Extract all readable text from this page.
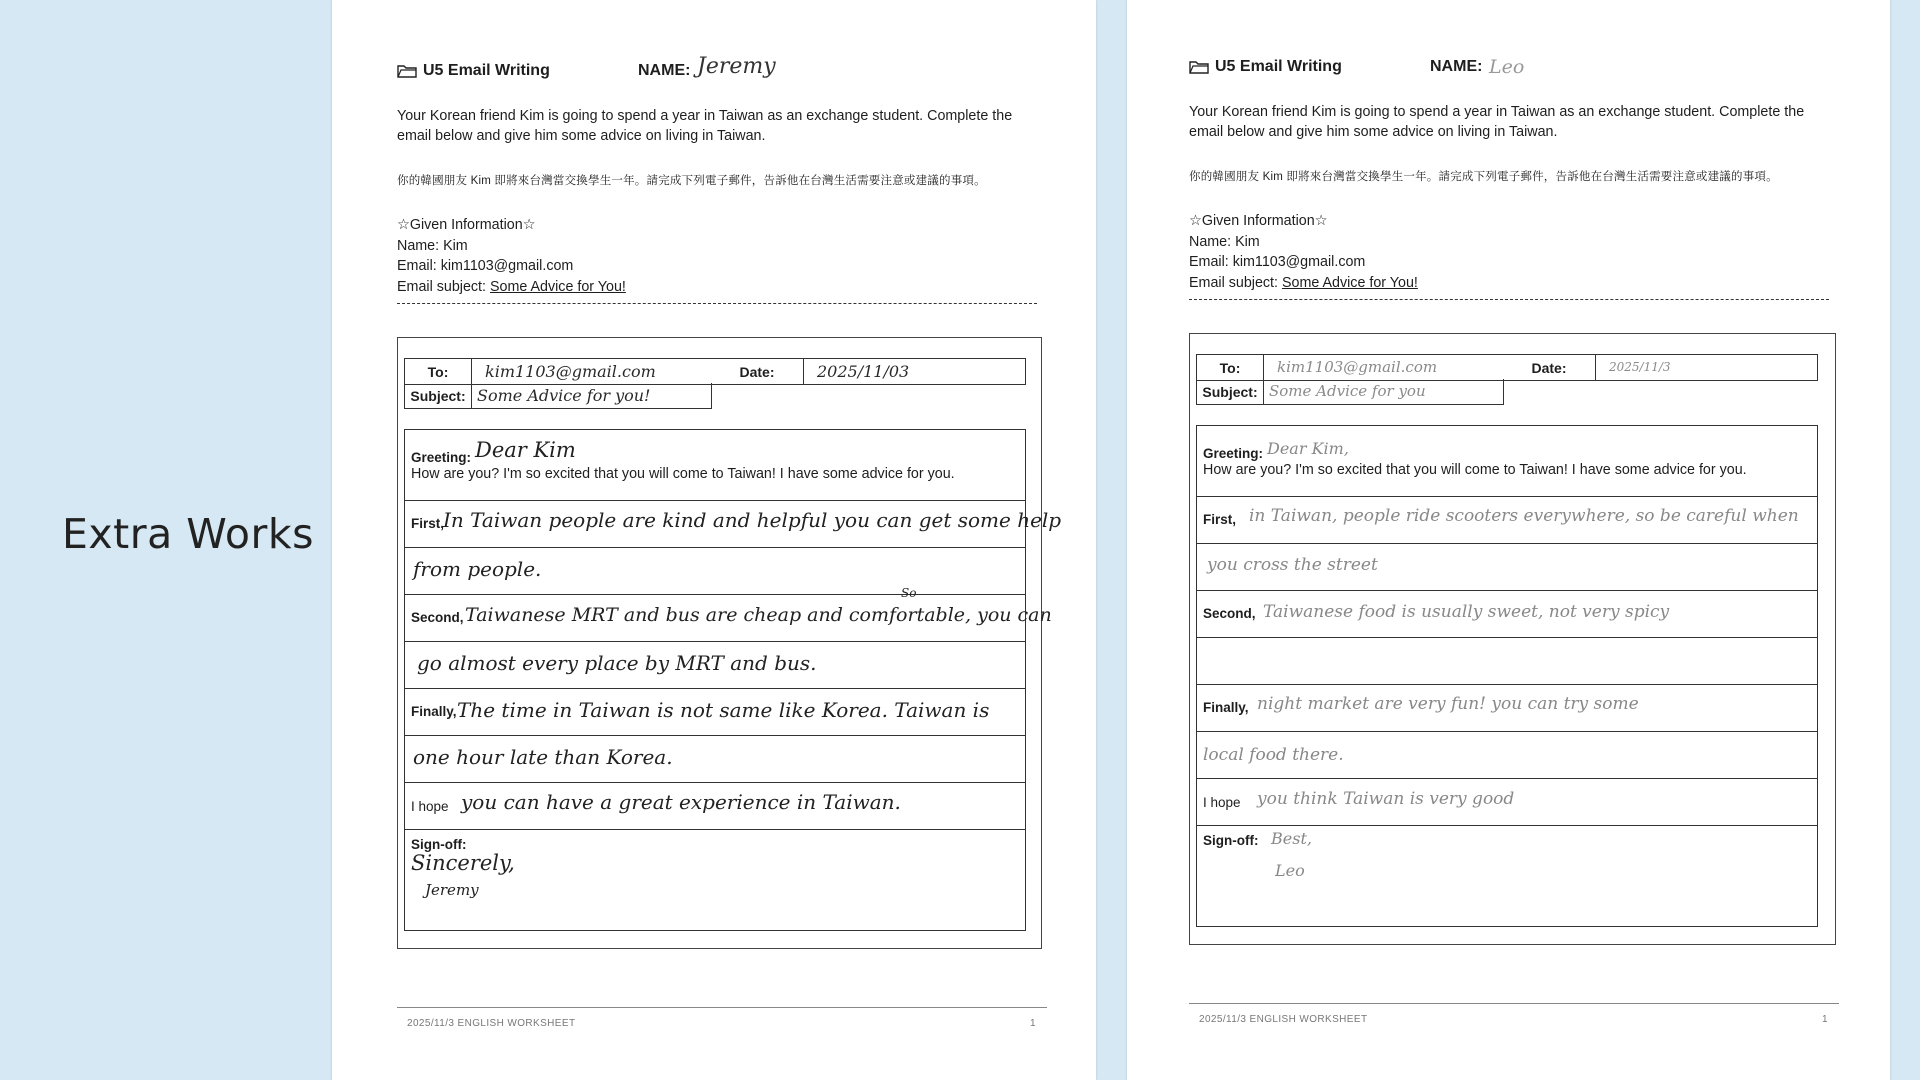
Extra Works
U5 Email Writing	NAME: Jeremy
Your Korean friend Kim is going to spend a year in Taiwan as an exchange student. Complete the email below and give him some advice on living in Taiwan.
你的韓國朋友 Kim 即將來台灣當交換學生一年。請完成下列電子郵件，告訴他在台灣生活需要注意或建議的事項。
☆Given Information☆
Name: Kim
Email: kim1103@gmail.com
Email subject: Some Advice for You!
To:	kim1103@gmail.com	Date:	2025/11/03
Subject: Some Advice for you!
Greeting: Dear Kim
How are you? I'm so excited that you will come to Taiwan! I have some advice for you.
First,
In Taiwan people are kind and helpful you can get some help
from people.
Second, Taiwanese MRT and bus are cheap and comfortable, you can
So
go almost every place by MRT and bus.
Finally, The time in Taiwan is not same like Korea. Taiwan is
one hour late than Korea.
I hope you can have a great experience in Taiwan.
Sign-off:
Sincerely,
Jeremy
2025/11/3 ENGLISH WORKSHEET	1
U5 Email Writing	NAME: Leo
Your Korean friend Kim is going to spend a year in Taiwan as an exchange student. Complete the email below and give him some advice on living in Taiwan.
你的韓國朋友 Kim 即將來台灣當交換學生一年。請完成下列電子郵件，告訴他在台灣生活需要注意或建議的事項。
☆Given Information☆
Name: Kim
Email: kim1103@gmail.com
Email subject: Some Advice for You!
To:	kim1103@gmail.com	Date:	2025/11/3
Subject: Some Advice for you
Greeting: Dear Kim,
How are you? I'm so excited that you will come to Taiwan! I have some advice for you.
First, in Taiwan, people ride scooters everywhere, so be careful when
you cross the street
Second, Taiwanese food is usually sweet, not very spicy
Finally, night market are very fun! you can try some
local food there.
I hope you think Taiwan is very good
Sign-off: Best,
Leo
2025/11/3 ENGLISH WORKSHEET	1
